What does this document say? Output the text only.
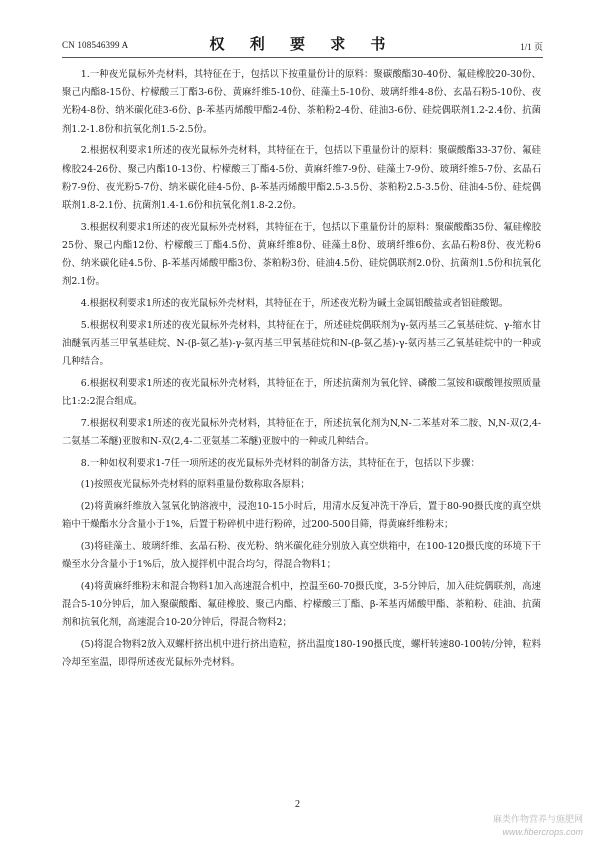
CN 108546399 A	权 利 要 求 书	1/1 页

1.一种夜光鼠标外壳材料，其特征在于，包括以下按重量份计的原料：聚碳酸酯30-40份、氟硅橡胶20-30份、聚己内酯8-15份、柠檬酸三丁酯3-6份、黄麻纤维5-10份、硅藻土5-10份、玻璃纤维4-8份、玄晶石粉5-10份、夜光粉4-8份、纳米碳化硅3-6份、β-苯基丙烯酸甲酯2-4份、茶粕粉2-4份、硅油3-6份、硅烷偶联剂1.2-2.4份、抗菌剂1.2-1.8份和抗氧化剂1.5-2.5份。

2.根据权利要求1所述的夜光鼠标外壳材料，其特征在于，包括以下重量份计的原料：聚碳酸酯33-37份、氟硅橡胶24-26份、聚己内酯10-13份、柠檬酸三丁酯4-5份、黄麻纤维7-9份、硅藻土7-9份、玻璃纤维5-7份、玄晶石粉7-9份、夜光粉5-7份、纳米碳化硅4-5份、β-苯基丙烯酸甲酯2.5-3.5份、茶粕粉2.5-3.5份、硅油4-5份、硅烷偶联剂1.8-2.1份、抗菌剂1.4-1.6份和抗氧化剂1.8-2.2份。

3.根据权利要求1所述的夜光鼠标外壳材料，其特征在于，包括以下重量份计的原料：聚碳酸酯35份、氟硅橡胶25份、聚己内酯12份、柠檬酸三丁酯4.5份、黄麻纤维8份、硅藻土8份、玻璃纤维6份、玄晶石粉8份、夜光粉6份、纳米碳化硅4.5份、β-苯基丙烯酸甲酯3份、茶粕粉3份、硅油4.5份、硅烷偶联剂2.0份、抗菌剂1.5份和抗氧化剂2.1份。

4.根据权利要求1所述的夜光鼠标外壳材料，其特征在于，所述夜光粉为碱土金属铝酸盐或者铝硅酸锶。

5.根据权利要求1所述的夜光鼠标外壳材料，其特征在于，所述硅烷偶联剂为γ-氨丙基三乙氧基硅烷、γ-缩水甘油醚氧丙基三甲氧基硅烷、N-(β-氨乙基)-γ-氨丙基三甲氧基硅烷和N-(β-氨乙基)-γ-氨丙基三乙氧基硅烷中的一种或几种结合。

6.根据权利要求1所述的夜光鼠标外壳材料，其特征在于，所述抗菌剂为氧化锌、磷酸二氢铵和碳酸锂按照质量比1:2:2混合组成。

7.根据权利要求1所述的夜光鼠标外壳材料，其特征在于，所述抗氧化剂为N,N-二苯基对苯二胺、N,N-双(2,4-二氨基二苯醚)亚胺和N-双(2,4-二亚氨基二苯醚)亚胺中的一种或几种结合。

8.一种如权利要求1-7任一项所述的夜光鼠标外壳材料的制备方法，其特征在于，包括以下步骤：

(1)按照夜光鼠标外壳材料的原料重量份数称取各原料；

(2)将黄麻纤维放入氢氧化钠溶液中，浸泡10-15小时后，用清水反复冲洗干净后，置于80-90摄氏度的真空烘箱中干燥酯水分含量小于1%，后置于粉碎机中进行粉碎，过200-500目筛，得黄麻纤维粉末；

(3)将硅藻土、玻璃纤维、玄晶石粉、夜光粉、纳米碳化硅分别放入真空烘箱中，在100-120摄氏度的环境下干燥至水分含量小于1%后，放入搅拌机中混合均匀，得混合物料1；

(4)将黄麻纤维粉末和混合物料1加入高速混合机中，控温至60-70摄氏度，3-5分钟后，加入硅烷偶联剂，高速混合5-10分钟后，加入聚碳酸酯、氟硅橡胶、聚己内酯、柠檬酸三丁酯、β-苯基丙烯酸甲酯、茶粕粉、硅油、抗菌剂和抗氧化剂，高速混合10-20分钟后，得混合物料2；

(5)将混合物料2放入双螺杆挤出机中进行挤出造粒，挤出温度180-190摄氏度，螺杆转速80-100转/分钟，粒料冷却至室温，即得所述夜光鼠标外壳材料。

2
麻类作物营养与施肥网
www.fibercrops.com
